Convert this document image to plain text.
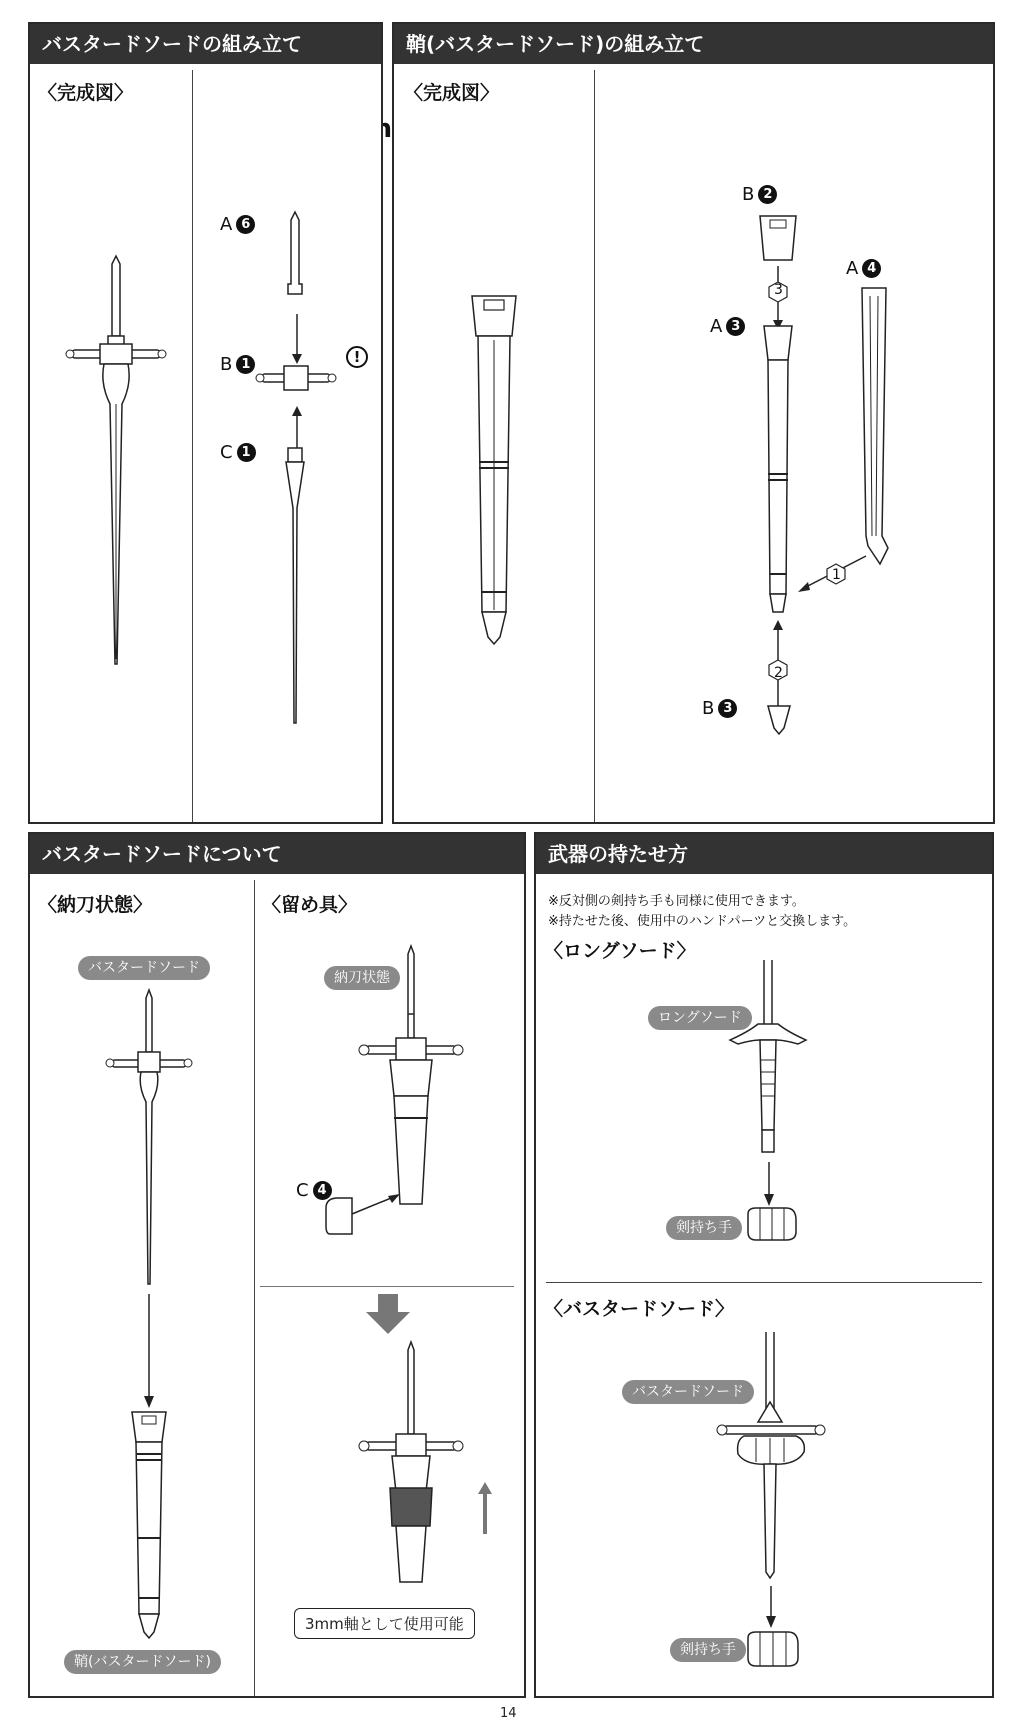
Scanned
バスタードソードの組み立て
〈完成図〉
A 6
B 1	!
C 1
鞘(バスタードソード)の組み立て
〈完成図〉
B 2
3
A 4
A 3
1
2
B 3
バスタードソードについて
〈納刀状態〉	〈留め具〉
バスタードソード
鞘(バスタードソード)
納刀状態
C 4
3mm軸として使用可能
武器の持たせ方
※反対側の剣持ち手も同様に使用できます。
※持たせた後、使用中のハンドパーツと交換します。
〈ロングソード〉
ロングソード
剣持ち手
〈バスタードソード〉
バスタードソード
剣持ち手
14
